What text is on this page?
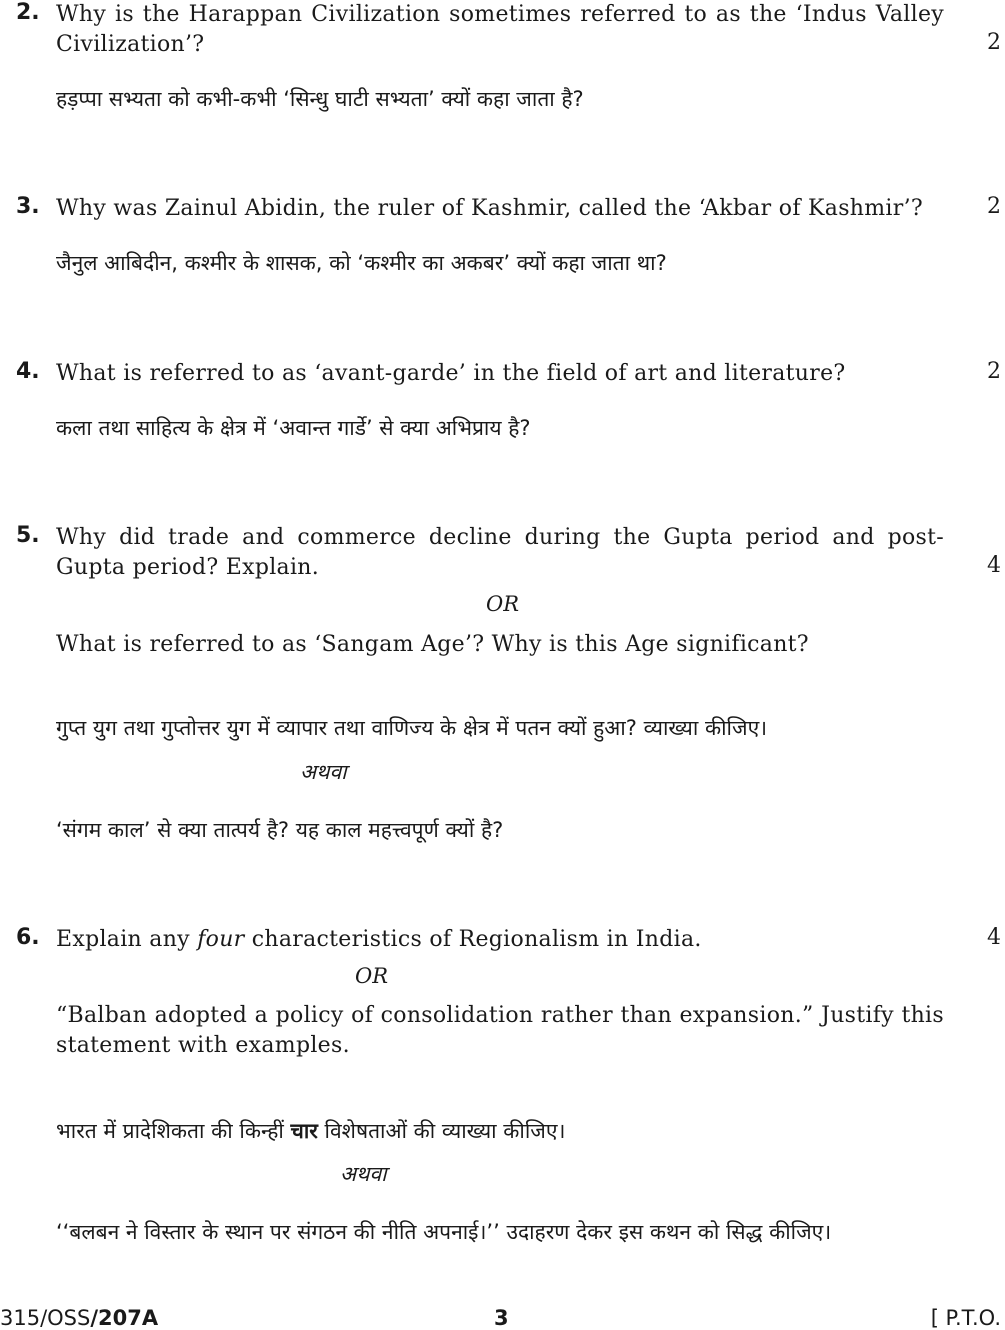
2. Why is the Harappan Civilization sometimes referred to as the ‘Indus Valley Civilization’?	2
हड़प्पा सभ्यता को कभी-कभी ‘सिन्धु घाटी सभ्यता’ क्यों कहा जाता है?
3. Why was Zainul Abidin, the ruler of Kashmir, called the ‘Akbar of Kashmir’?	2
जैनुल आबिदीन, कश्मीर के शासक, को ‘कश्मीर का अकबर’ क्यों कहा जाता था?
4. What is referred to as ‘avant-garde’ in the field of art and literature?	2
कला तथा साहित्य के क्षेत्र में ‘अवान्त गार्डे’ से क्या अभिप्राय है?
5. Why did trade and commerce decline during the Gupta period and post-Gupta period? Explain.	4
OR
What is referred to as ‘Sangam Age’? Why is this Age significant?
गुप्त युग तथा गुप्तोत्तर युग में व्यापार तथा वाणिज्य के क्षेत्र में पतन क्यों हुआ? व्याख्या कीजिए।
अथवा
‘संगम काल’ से क्या तात्पर्य है? यह काल महत्त्वपूर्ण क्यों है?
6. Explain any four characteristics of Regionalism in India.	4
OR
“Balban adopted a policy of consolidation rather than expansion.” Justify this statement with examples.
भारत में प्रादेशिकता की किन्हीं चार विशेषताओं की व्याख्या कीजिए।
अथवा
‘‘बलबन ने विस्तार के स्थान पर संगठन की नीति अपनाई।’’ उदाहरण देकर इस कथन को सिद्ध कीजिए।
315/OSS/207A	3	[ P.T.O.
